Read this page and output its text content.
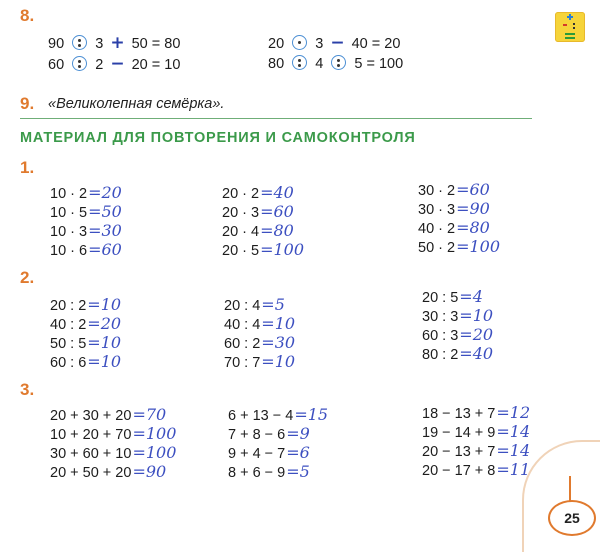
8.
90 3 + 50 = 80
60 2 − 20 = 10
20 3 − 40 = 20
80 4 5 = 100
9. «Великолепная семёрка».
МАТЕРИАЛ ДЛЯ ПОВТОРЕНИЯ И САМОКОНТРОЛЯ
1.
10 · 2=20
10 · 5=50
10 · 3=30
10 · 6=60
20 · 2=40
20 · 3=60
20 · 4=80
20 · 5=100
30 · 2=60
30 · 3=90
40 · 2=80
50 · 2=100
2.
20 : 2=10
40 : 2=20
50 : 5=10
60 : 6=10
20 : 4=5
40 : 4=10
60 : 2=30
70 : 7=10
20 : 5=4
30 : 3=10
60 : 3=20
80 : 2=40
3.
20 + 30 + 20=70
10 + 20 + 70=100
30 + 60 + 10=100
20 + 50 + 20=90
6 + 13 − 4=15
7 + 8 − 6=9
9 + 4 − 7=6
8 + 6 − 9=5
18 − 13 + 7=12
19 − 14 + 9=14
20 − 13 + 7=14
20 − 17 + 8=11
25
